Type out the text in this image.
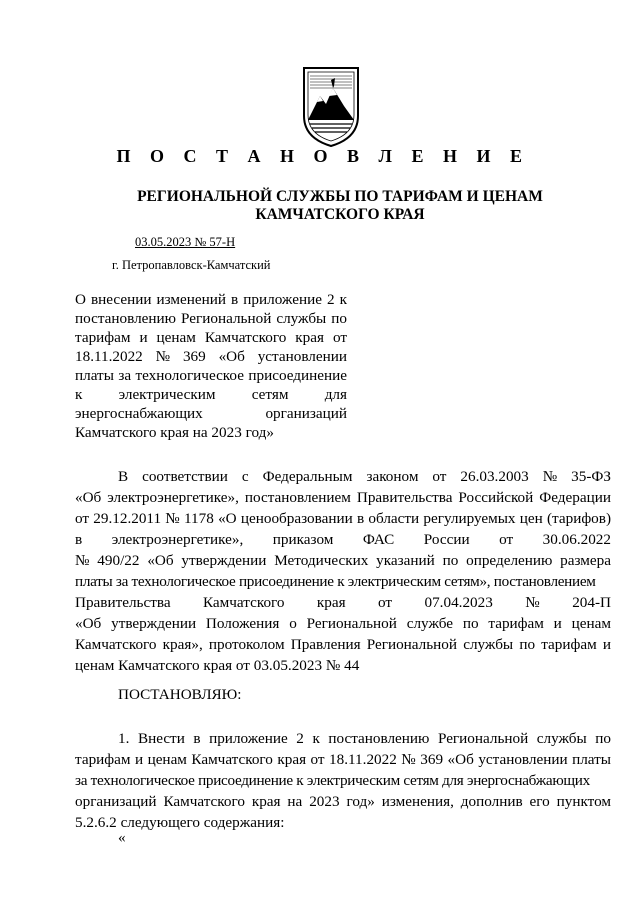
П О С Т А Н О В Л Е Н И Е
РЕГИОНАЛЬНОЙ СЛУЖБЫ ПО ТАРИФАМ И ЦЕНАМ
КАМЧАТСКОГО КРАЯ
03.05.2023 № 57-Н
г. Петропавловск-Камчатский
О внесении изменений в приложение 2 к
постановлению Региональной службы по
тарифам и ценам Камчатского края от
18.11.2022 № 369 «Об установлении
платы за технологическое присоединение
к электрическим сетям для
энергоснабжающих организаций
Камчатского края на 2023 год»
В соответствии с Федеральным законом от 26.03.2003 № 35-ФЗ
«Об электроэнергетике», постановлением Правительства Российской Федерации
от 29.12.2011 № 1178 «О ценообразовании в области регулируемых цен (тарифов)
в электроэнергетике», приказом ФАС России от 30.06.2022
№ 490/22 «Об утверждении Методических указаний по определению размера
платы за технологическое присоединение к электрическим сетям», постановлением
Правительства Камчатского края от 07.04.2023 № 204-П
«Об утверждении Положения о Региональной службе по тарифам и ценам
Камчатского края», протоколом Правления Региональной службы по тарифам и
ценам Камчатского края от 03.05.2023 № 44
ПОСТАНОВЛЯЮ:
1. Внести в приложение 2 к постановлению Региональной службы по
тарифам и ценам Камчатского края от 18.11.2022 № 369 «Об установлении платы
за технологическое присоединение к электрическим сетям для энергоснабжающих
организаций Камчатского края на 2023 год» изменения, дополнив его пунктом
5.2.6.2 следующего содержания:
«
